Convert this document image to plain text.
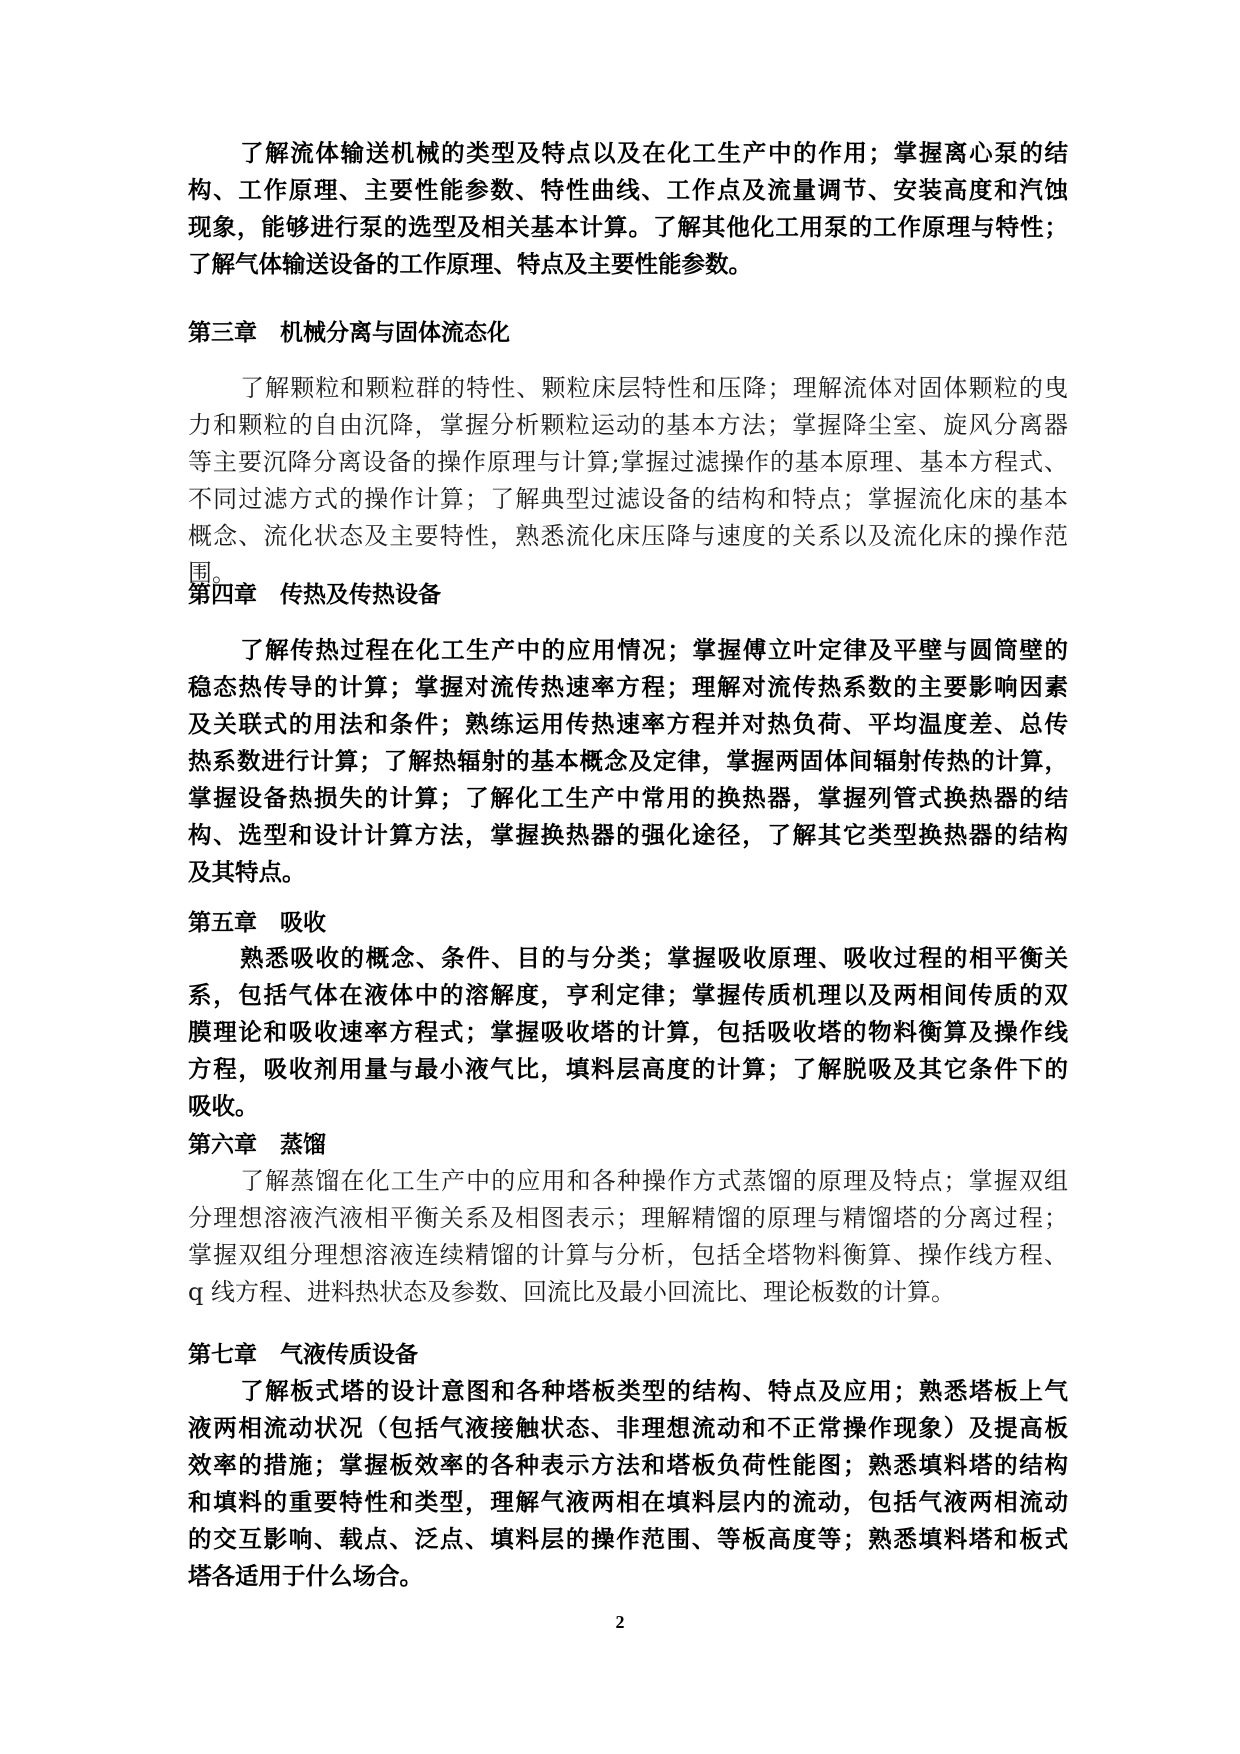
了解流体输送机械的类型及特点以及在化工生产中的作用；掌握离心泵的结
构、工作原理、主要性能参数、特性曲线、工作点及流量调节、安装高度和汽蚀
现象，能够进行泵的选型及相关基本计算。了解其他化工用泵的工作原理与特性；
了解气体输送设备的工作原理、特点及主要性能参数。
第三章　机械分离与固体流态化
了解颗粒和颗粒群的特性、颗粒床层特性和压降；理解流体对固体颗粒的曳
力和颗粒的自由沉降，掌握分析颗粒运动的基本方法；掌握降尘室、旋风分离器
等主要沉降分离设备的操作原理与计算;掌握过滤操作的基本原理、基本方程式、
不同过滤方式的操作计算；了解典型过滤设备的结构和特点；掌握流化床的基本
概念、流化状态及主要特性，熟悉流化床压降与速度的关系以及流化床的操作范
围。
第四章　传热及传热设备
了解传热过程在化工生产中的应用情况；掌握傅立叶定律及平壁与圆筒壁的
稳态热传导的计算；掌握对流传热速率方程；理解对流传热系数的主要影响因素
及关联式的用法和条件；熟练运用传热速率方程并对热负荷、平均温度差、总传
热系数进行计算；了解热辐射的基本概念及定律，掌握两固体间辐射传热的计算，
掌握设备热损失的计算；了解化工生产中常用的换热器，掌握列管式换热器的结
构、选型和设计计算方法，掌握换热器的强化途径，了解其它类型换热器的结构
及其特点。
第五章　吸收
熟悉吸收的概念、条件、目的与分类；掌握吸收原理、吸收过程的相平衡关
系，包括气体在液体中的溶解度，亨利定律；掌握传质机理以及两相间传质的双
膜理论和吸收速率方程式；掌握吸收塔的计算，包括吸收塔的物料衡算及操作线
方程，吸收剂用量与最小液气比，填料层高度的计算；了解脱吸及其它条件下的
吸收。
第六章　蒸馏
了解蒸馏在化工生产中的应用和各种操作方式蒸馏的原理及特点；掌握双组
分理想溶液汽液相平衡关系及相图表示；理解精馏的原理与精馏塔的分离过程；
掌握双组分理想溶液连续精馏的计算与分析，包括全塔物料衡算、操作线方程、
q 线方程、进料热状态及参数、回流比及最小回流比、理论板数的计算。
第七章　气液传质设备
了解板式塔的设计意图和各种塔板类型的结构、特点及应用；熟悉塔板上气
液两相流动状况（包括气液接触状态、非理想流动和不正常操作现象）及提高板
效率的措施；掌握板效率的各种表示方法和塔板负荷性能图；熟悉填料塔的结构
和填料的重要特性和类型，理解气液两相在填料层内的流动，包括气液两相流动
的交互影响、载点、泛点、填料层的操作范围、等板高度等；熟悉填料塔和板式
塔各适用于什么场合。
2
